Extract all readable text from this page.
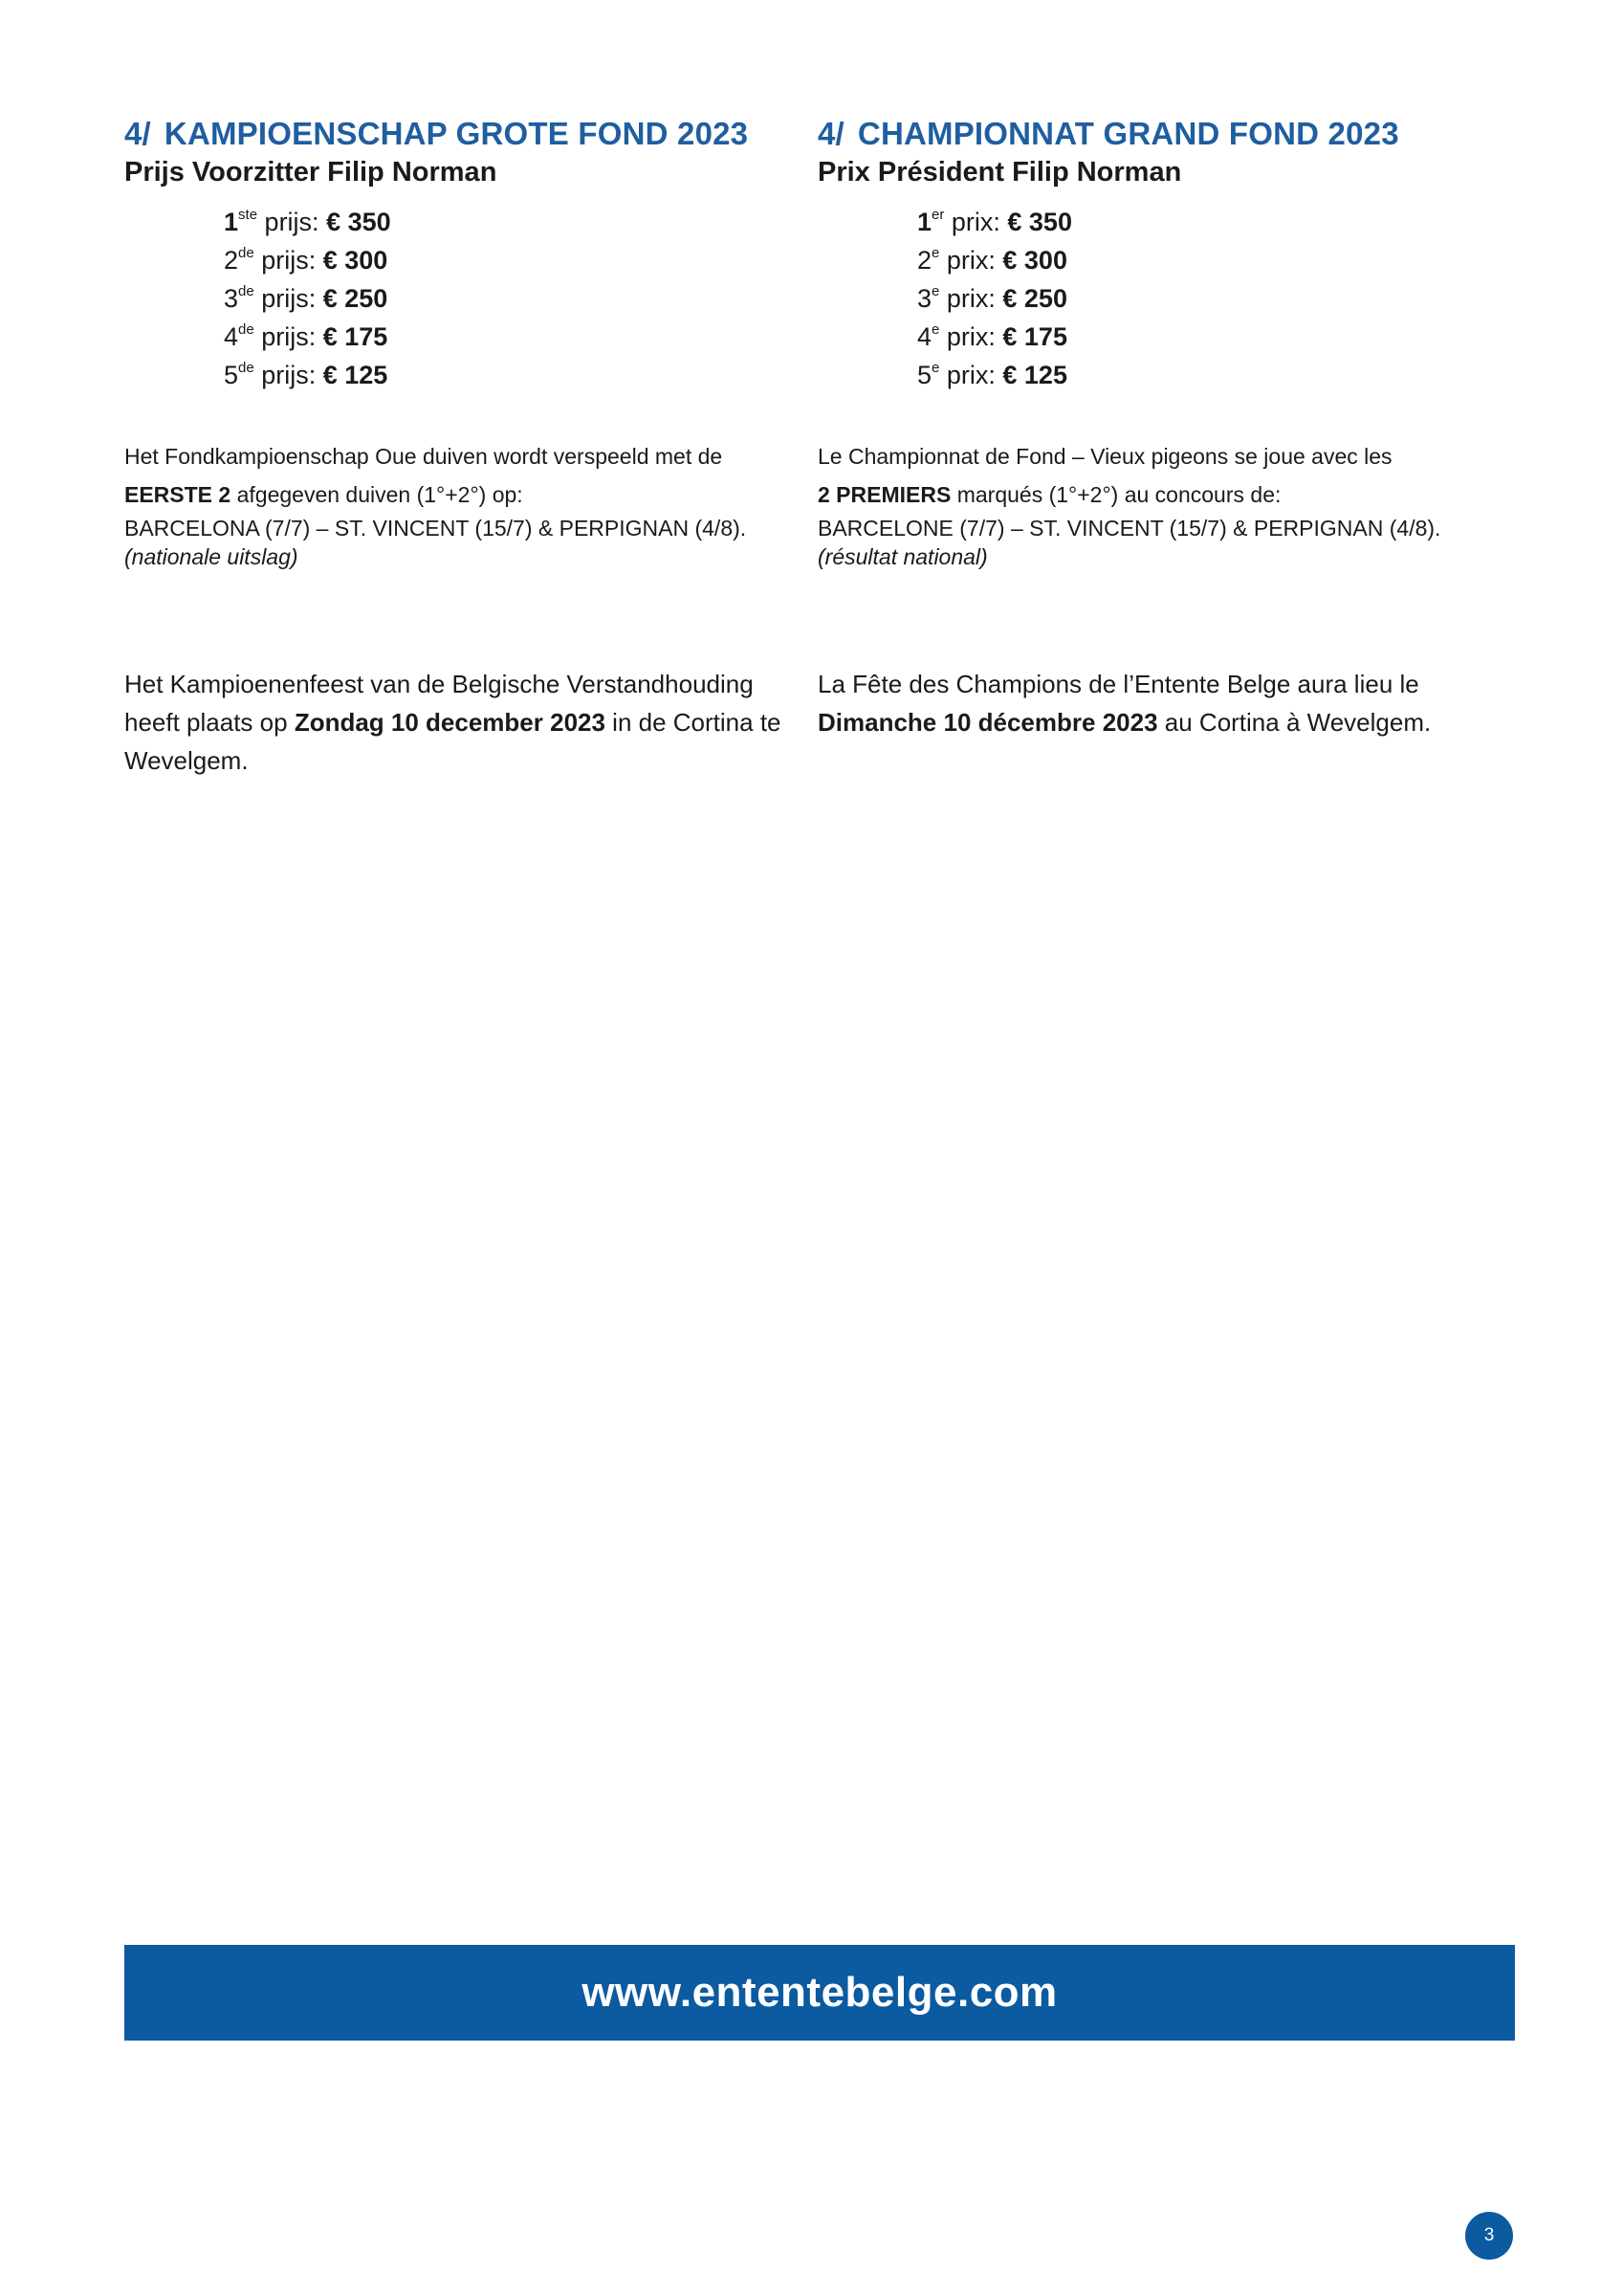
4/ KAMPIOENSCHAP GROTE FOND 2023
Prijs Voorzitter Filip Norman
1ste prijs: € 350
2de prijs: € 300
3de prijs: € 250
4de prijs: € 175
5de prijs: € 125

Het Fondkampioenschap Oue duiven wordt verspeeld met de

EERSTE 2 afgegeven duiven (1°+2°) op:

BARCELONA (7/7) – ST. VINCENT (15/7) & PERPIGNAN (4/8).

(nationale uitslag)

Het Kampioenenfeest van de Belgische Verstandhouding heeft plaats op Zondag 10 december 2023 in de Cortina te Wevelgem.

4/ CHAMPIONNAT GRAND FOND 2023
Prix Président Filip Norman
1er prix: € 350
2e prix: € 300
3e prix: € 250
4e prix: € 175
5e prix: € 125

Le Championnat de Fond – Vieux pigeons se joue avec les

2 PREMIERS marqués (1°+2°) au concours de:

BARCELONE (7/7) – ST. VINCENT (15/7) & PERPIGNAN (4/8).

(résultat national)

La Fête des Champions de l’Entente Belge aura lieu le Dimanche 10 décembre 2023 au Cortina à Wevelgem.

www.ententebelge.com
3
